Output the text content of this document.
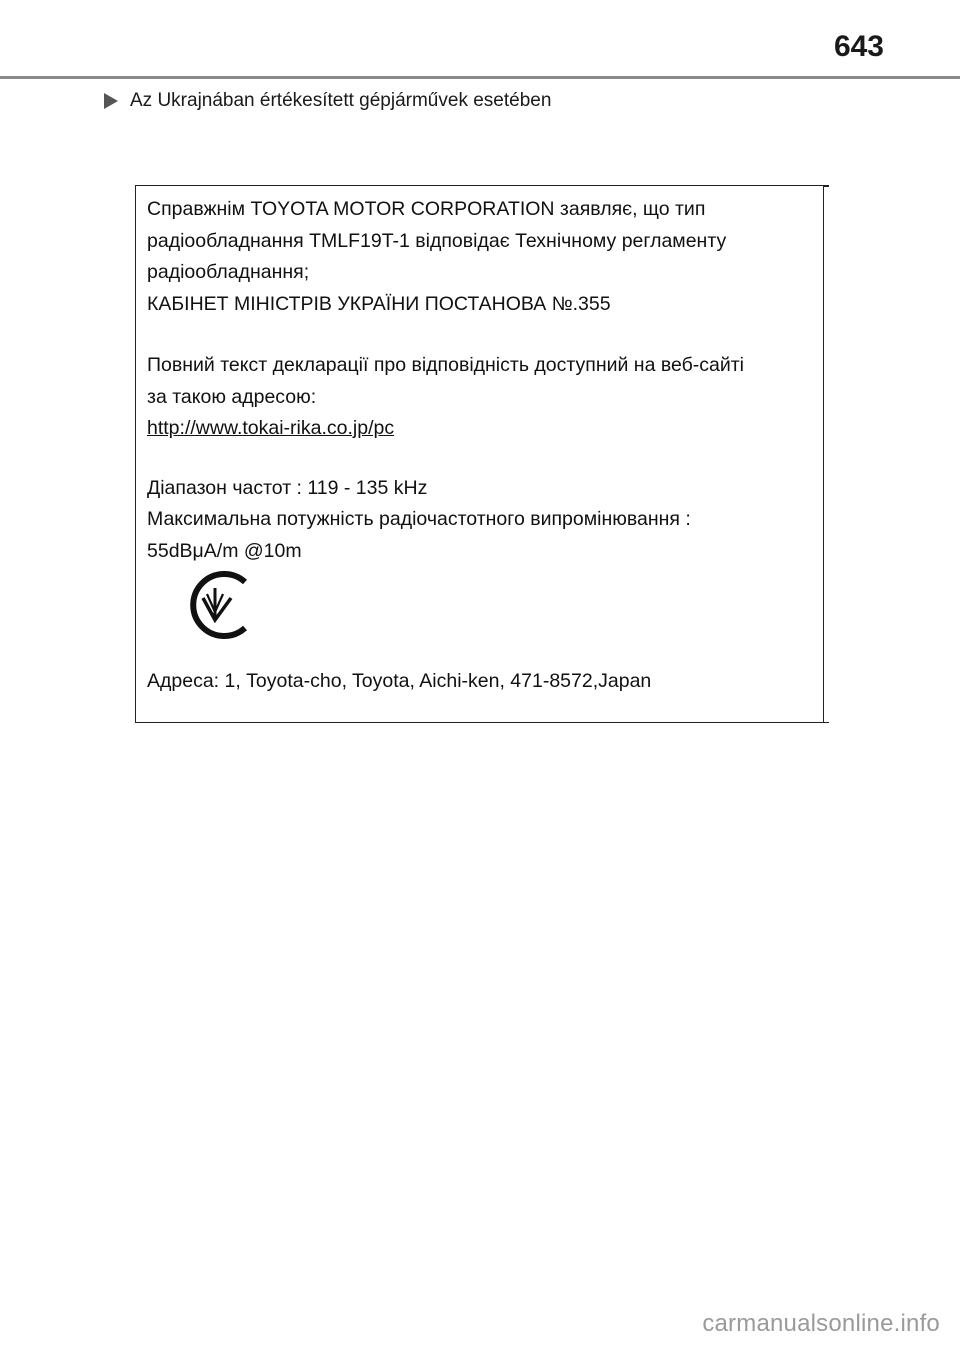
643
Az Ukrajnában értékesített gépjárművek esetében

Справжнім TOYOTA MOTOR CORPORATION заявляє, що тип

радіообладнання TMLF19T-1 відповідає Технічному регламенту

радіообладнання;

КАБІНЕТ МІНІСТРІВ УКРАЇНИ ПОСТАНОВА №.355

Повний текст декларації про відповідність доступний на веб-сайті

за такою адресою:

http://www.tokai-rika.co.jp/pc

Діапазон частот : 119 - 135 kHz

Максимальна потужність радіочастотного випромінювання :

55dBμA/m @10m

Адреса: 1, Toyota-cho, Toyota, Aichi-ken, 471-8572,Japan
carmanualsonline.info
